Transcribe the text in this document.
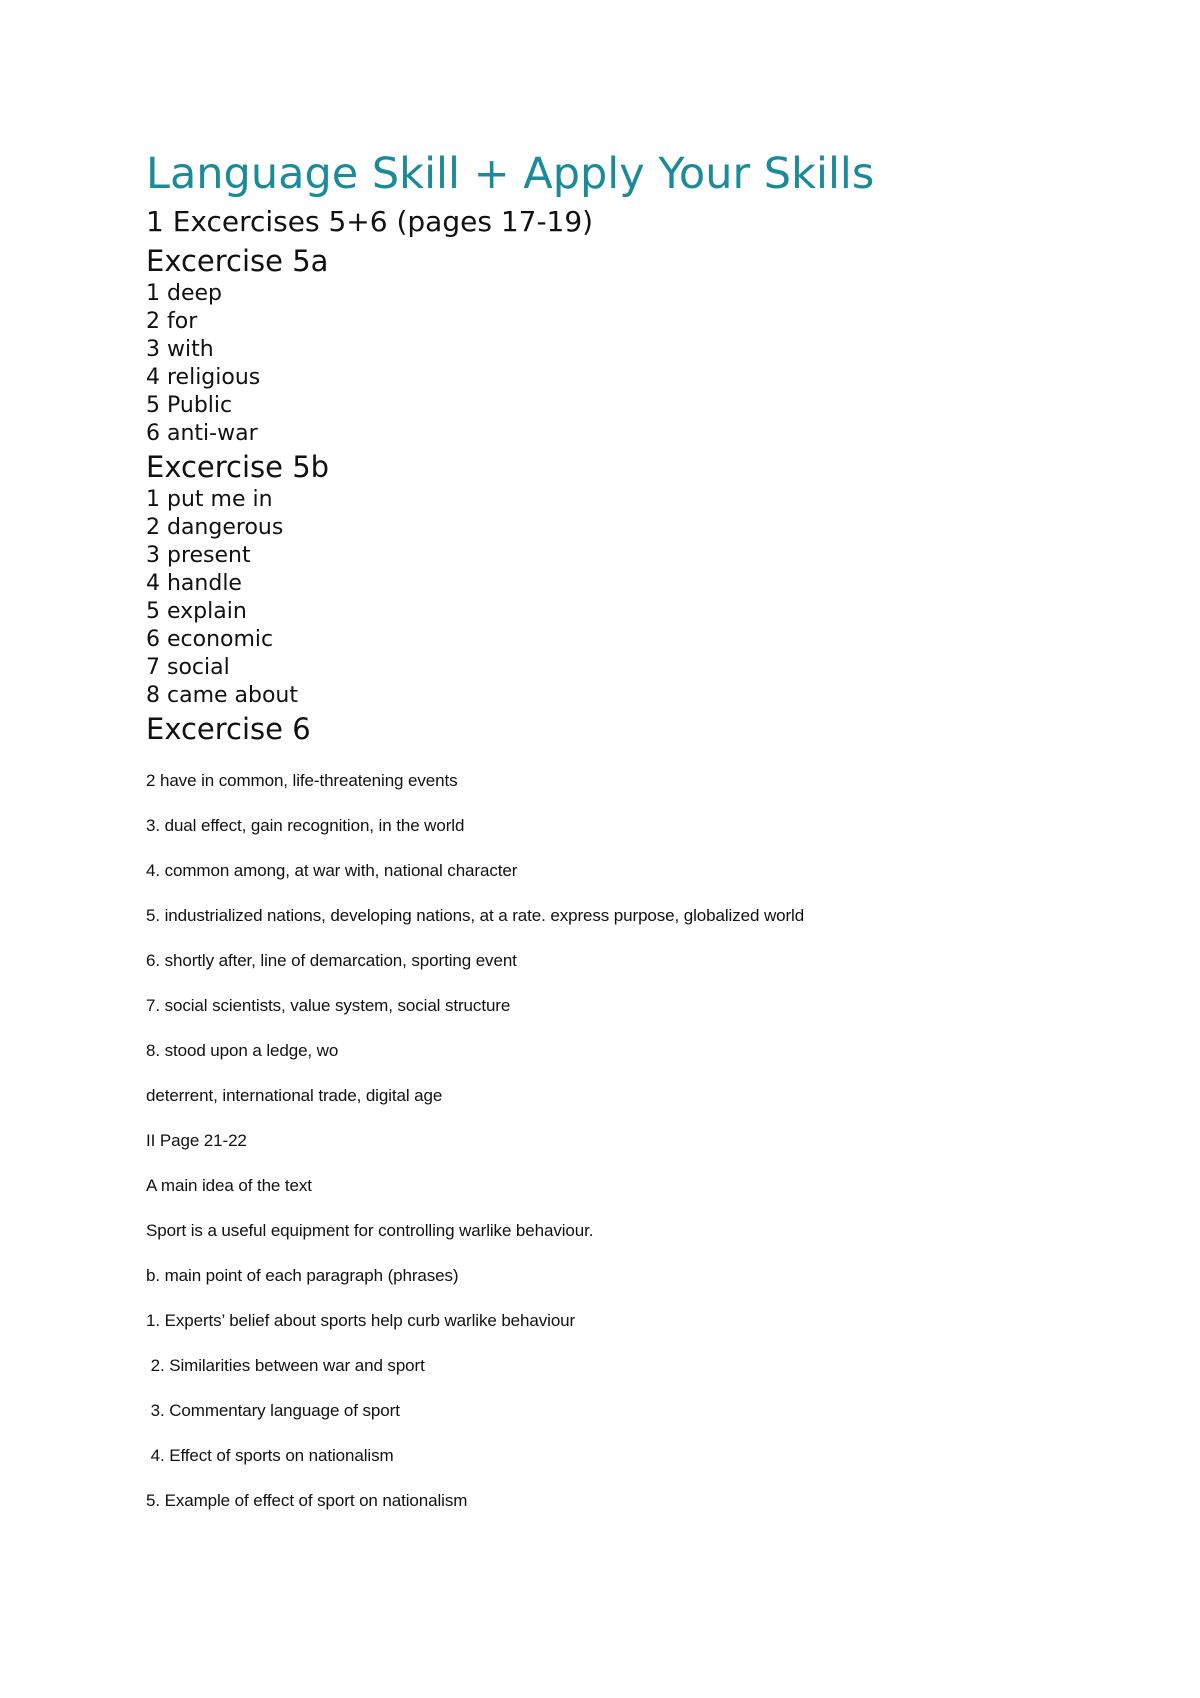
Language Skill + Apply Your Skills
1 Excercises 5+6 (pages 17-19)
Excercise 5a
1 deep
2 for
3 with
4 religious
5 Public
6 anti-war
Excercise 5b
1 put me in
2 dangerous
3 present
4 handle
5 explain
6 economic
7 social
8 came about
Excercise 6

2 have in common, life-threatening events

3. dual effect, gain recognition, in the world

4. common among, at war with, national character

5. industrialized nations, developing nations, at a rate. express purpose, globalized world

6. shortly after, line of demarcation, sporting event

7. social scientists, value system, social structure

8. stood upon a ledge, wo

deterrent, international trade, digital age

II Page 21-22

A main idea of the text

Sport is a useful equipment for controlling warlike behaviour.

b. main point of each paragraph (phrases)

1. Experts’ belief about sports help curb warlike behaviour

2. Similarities between war and sport

3. Commentary language of sport

4. Effect of sports on nationalism

5. Example of effect of sport on nationalism
